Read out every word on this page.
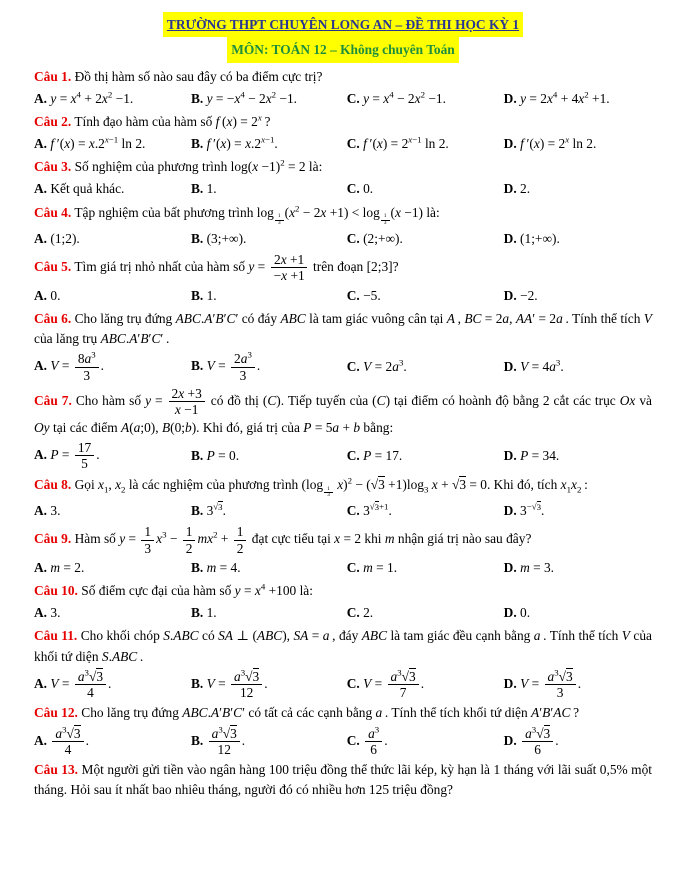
TRƯỜNG THPT CHUYÊN LONG AN – ĐỀ THI HỌC KỲ 1
MÔN: TOÁN 12 – Không chuyên Toán

Câu 1. Đồ thị hàm số nào sau đây có ba điểm cực trị?

A. $y = x^4 + 2x^2 -1$.	B. $y = -x^4 - 2x^2 -1$.	C. $y = x^4 - 2x^2 -1$.	D. $y = 2x^4 + 4x^2 +1$.

Câu 2. Tính đạo hàm của hàm số f $(x) = 2^x$ ?

A. f $'(x) = x.2^{x-1}$ ln 2.	B. f $'(x) = x.2^{x-1}$.	C. f $'(x) = 2^{x-1}$ ln 2.	D. f $'(x) = 2^x$ ln 2.

Câu 3. Số nghiệm của phương trình $\log(x -1)^2 = 2$ là:

A. Kết quả khác.	B. 1.	C. 0.	D. 2.

Câu 4. Tập nghiệm của bất phương trình log
$_{\frac{1}{3}}$
$(x^2 - 2x +1) < \log$
$_{\frac{1}{3}}$
(x −1) là:

A. (1;2).	B. (3;+∞).	C. (2;+∞).	D. (1;+∞).

Câu 5. Tìm giá trị nhỏ nhất của hàm số $y = \frac{2x +1}{-x +1}$ trên đoạn [2;3]?

A. 0.	B. 1.	C. −5.	D. −2.

Câu 6. Cho lăng trụ đứng ABC.A′B′C′ có đáy ABC là tam giác vuông cân tại A , BC = 2a, AA′ = 2a . Tính thể tích V của lăng trụ ABC.A′B′C′ .

A. $V = \frac{8a^3}{3}$ .	B. $V = \frac{2a^3}{3}$ .	C. $V = 2a^3$.	D. $V = 4a^3$.

Câu 7. Cho hàm số $y = \frac{2x +3}{x -1}$ có đồ thị (C). Tiếp tuyến của (C) tại điểm có hoành độ bằng 2 cắt các trục Ox và Oy tại các điểm A(a;0), B(0;b). Khi đó, giá trị của P = 5a + b bằng:

A. $P = \frac{17}{5}$ .	B. P = 0.	C. P = 17.	D. P = 34.

Câu 8. Gọi $x_1$, $x_2$ là các nghiệm của phương trình (log
$_{\frac{1}{3}}$
$x)^2 - (√3 +1)\log_3$ x + √3 = 0. Khi đó, tích $x_1x_2$ :

A. 3.	B. $3^{√3}$.	C. $3^{√3+1}$.	D. $3^{-√3}$.

Câu 9. Hàm số $y = \frac{1}{3} x^3 - \frac{1}{2} mx^2 + \frac{1}{2}$ đạt cực tiểu tại x = 2 khi m nhận giá trị nào sau đây?

A. m = 2.	B. m = 4.	C. m = 1.	D. m = 3.

Câu 10. Số điểm cực đại của hàm số $y = x^4 +100$ là:

A. 3.	B. 1.	C. 2.	D. 0.

Câu 11. Cho khối chóp S.ABC có SA ⊥ (ABC), SA = a , đáy ABC là tam giác đều cạnh bằng a . Tính thể tích V của khối tứ diện S.ABC .

A. $V = \frac{a^3√3}{4}$ .	B. $V = \frac{a^3√3}{12}$ .	C. $V = \frac{a^3√3}{7}$ .	D. $V = \frac{a^3√3}{3}$ .

Câu 12. Cho lăng trụ đứng ABC.A′B′C′ có tất cả các cạnh bằng a . Tính thể tích khối tứ diện A′B′AC ?

A. $\frac{a^3√3}{4}$ .	B. $\frac{a^3√3}{12}$ .	C. $\frac{a^3}{6}$ .	D. $\frac{a^3√3}{6}$ .

Câu 13. Một người gửi tiền vào ngân hàng 100 triệu đồng thể thức lãi kép, kỳ hạn là 1 tháng với lãi suất 0,5% một tháng. Hỏi sau ít nhất bao nhiêu tháng, người đó có nhiều hơn 125 triệu đồng?
